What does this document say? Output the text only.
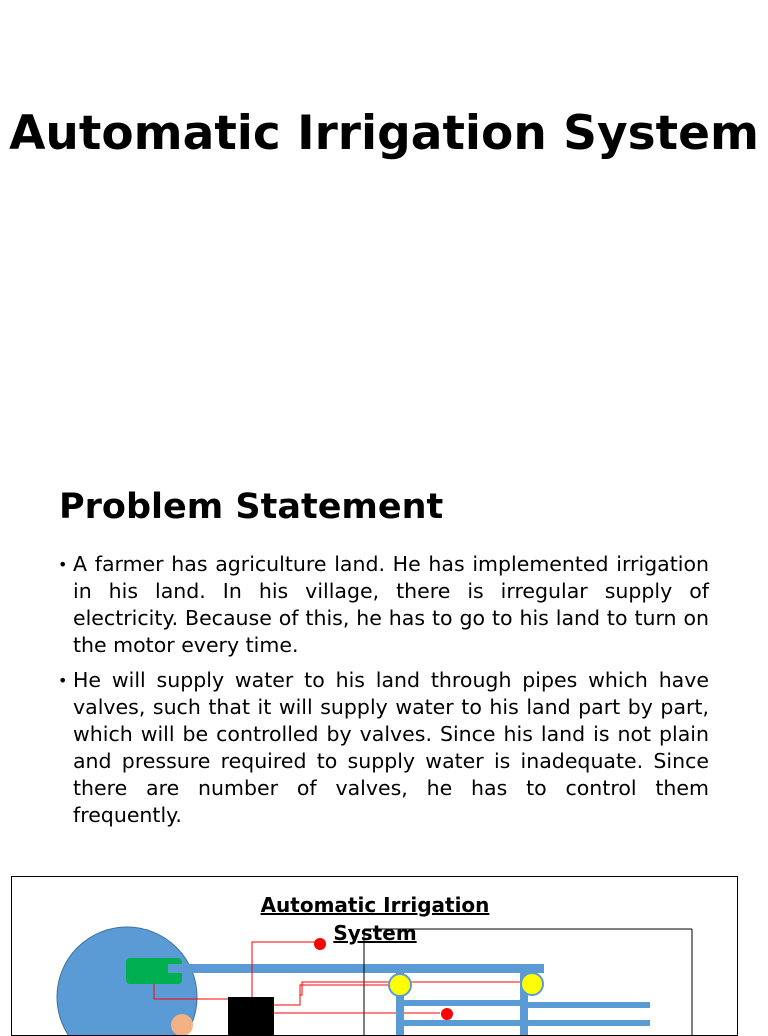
Automatic Irrigation System
Problem Statement
• A farmer has agriculture land. He has implemented irrigation in his land. In his village, there is irregular supply of electricity. Because of this, he has to go to his land to turn on the motor every time.
• He will supply water to his land through pipes which have valves, such that it will supply water to his land part by part, which will be controlled by valves. Since his land is not plain and pressure required to supply water is inadequate. Since there are number of valves, he has to control them frequently.
Automatic Irrigation System
